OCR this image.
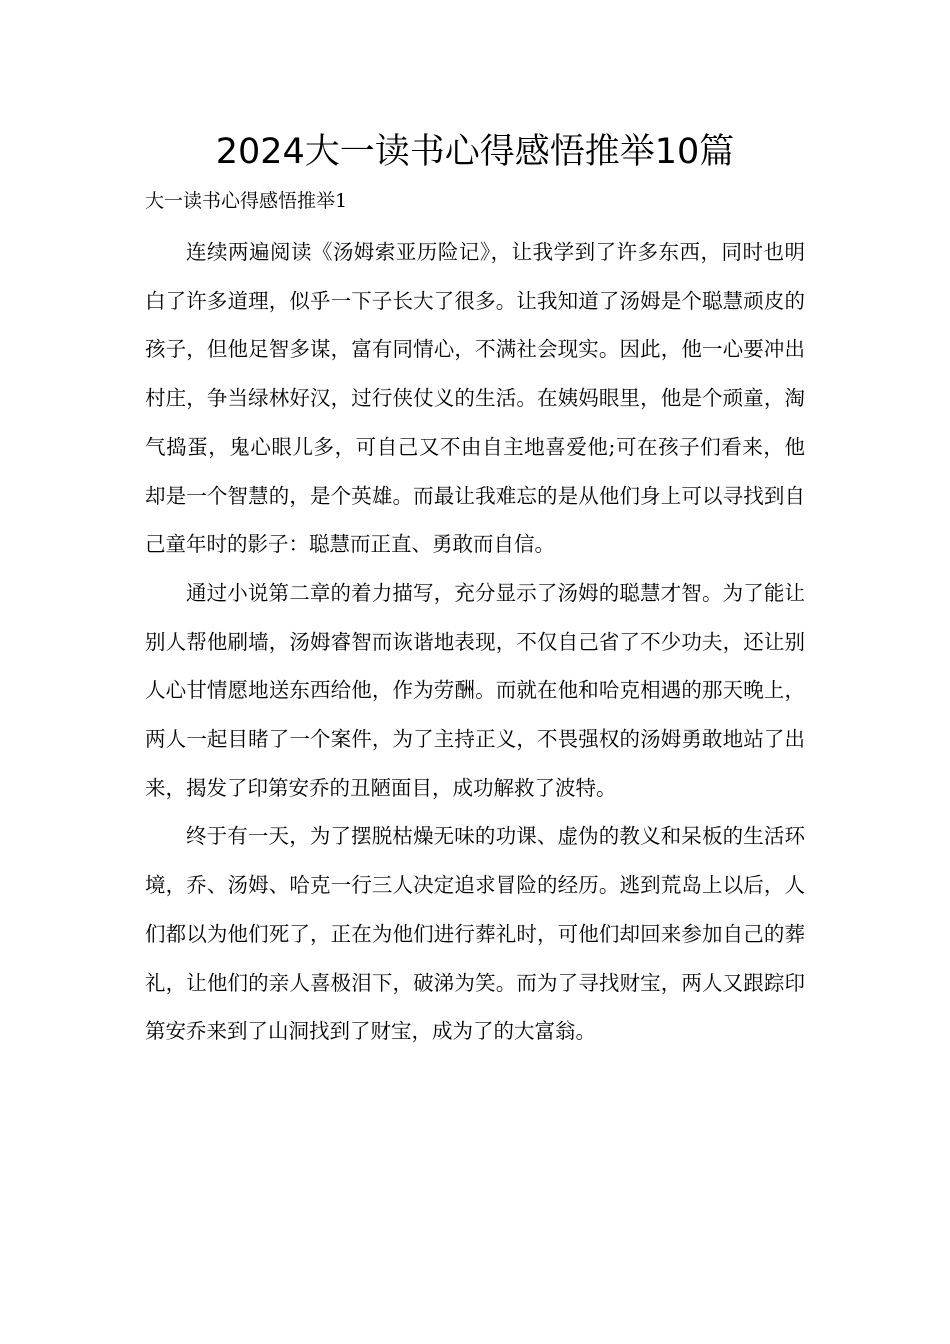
2024大一读书心得感悟推举10篇
大一读书心得感悟推举1

连续两遍阅读《汤姆索亚历险记》，让我学到了许多东西，同时也明白了许多道理，似乎一下子长大了很多。让我知道了汤姆是个聪慧顽皮的孩子，但他足智多谋，富有同情心，不满社会现实。因此，他一心要冲出村庄，争当绿林好汉，过行侠仗义的生活。在姨妈眼里，他是个顽童，淘气捣蛋，鬼心眼儿多，可自己又不由自主地喜爱他;可在孩子们看来，他却是一个智慧的，是个英雄。而最让我难忘的是从他们身上可以寻找到自己童年时的影子：聪慧而正直、勇敢而自信。

通过小说第二章的着力描写，充分显示了汤姆的聪慧才智。为了能让别人帮他刷墙，汤姆睿智而诙谐地表现，不仅自己省了不少功夫，还让别人心甘情愿地送东西给他，作为劳酬。而就在他和哈克相遇的那天晚上，两人一起目睹了一个案件，为了主持正义，不畏强权的汤姆勇敢地站了出来，揭发了印第安乔的丑陋面目，成功解救了波特。

终于有一天，为了摆脱枯燥无味的功课、虚伪的教义和呆板的生活环境，乔、汤姆、哈克一行三人决定追求冒险的经历。逃到荒岛上以后，人们都以为他们死了，正在为他们进行葬礼时，可他们却回来参加自己的葬礼，让他们的亲人喜极泪下，破涕为笑。而为了寻找财宝，两人又跟踪印第安乔来到了山洞找到了财宝，成为了的大富翁。
